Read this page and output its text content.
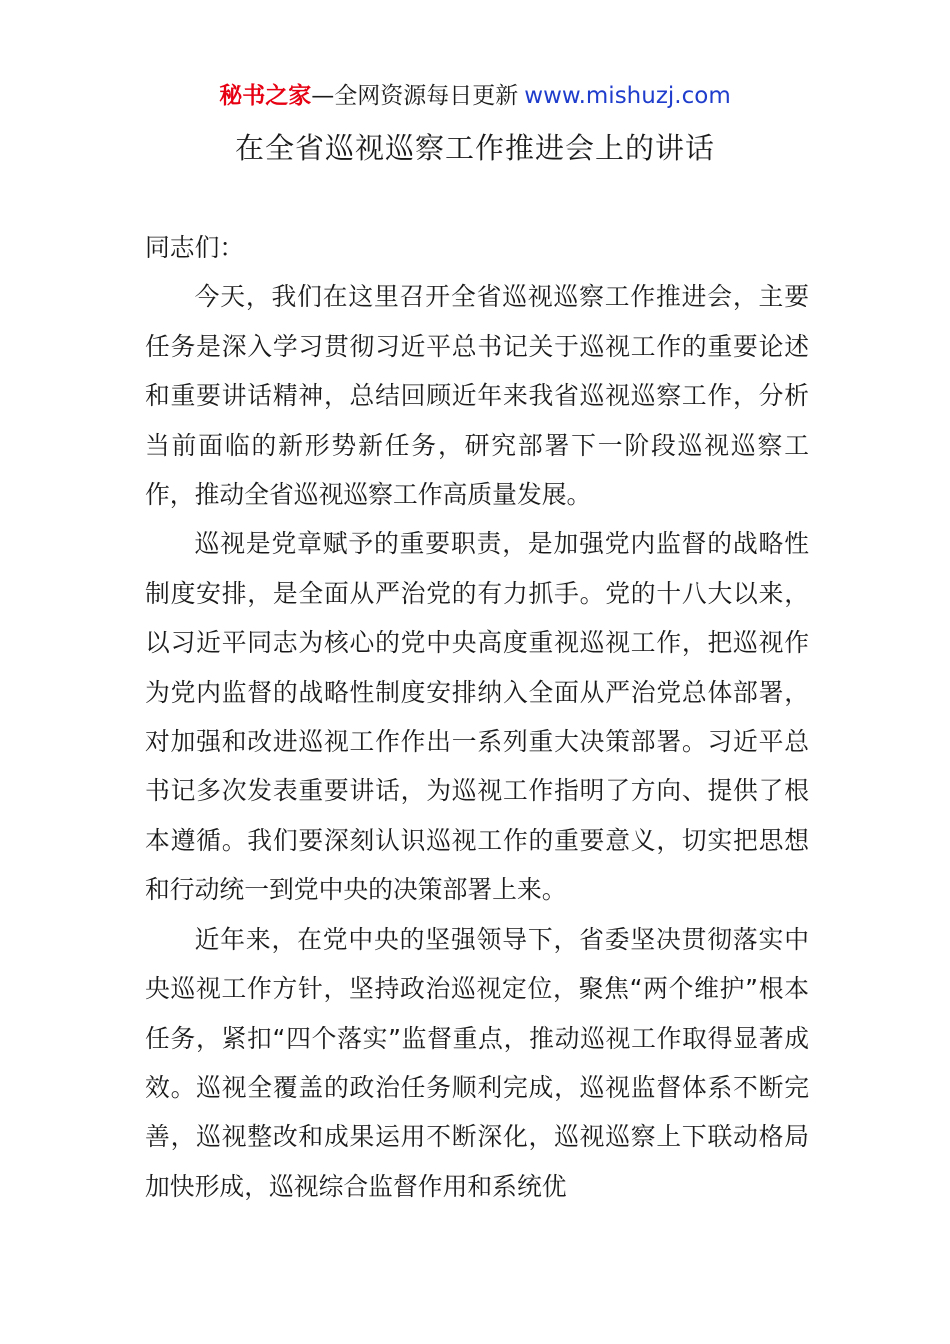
秘书之家—全网资源每日更新 www.mishuzj.com
在全省巡视巡察工作推进会上的讲话

同志们：

今天，我们在这里召开全省巡视巡察工作推进会，主要任务是深入学习贯彻习近平总书记关于巡视工作的重要论述和重要讲话精神，总结回顾近年来我省巡视巡察工作，分析当前面临的新形势新任务，研究部署下一阶段巡视巡察工作，推动全省巡视巡察工作高质量发展。

巡视是党章赋予的重要职责，是加强党内监督的战略性制度安排，是全面从严治党的有力抓手。党的十八大以来，以习近平同志为核心的党中央高度重视巡视工作，把巡视作为党内监督的战略性制度安排纳入全面从严治党总体部署，对加强和改进巡视工作作出一系列重大决策部署。习近平总书记多次发表重要讲话，为巡视工作指明了方向、提供了根本遵循。我们要深刻认识巡视工作的重要意义，切实把思想和行动统一到党中央的决策部署上来。

近年来，在党中央的坚强领导下，省委坚决贯彻落实中央巡视工作方针，坚持政治巡视定位，聚焦“两个维护”根本任务，紧扣“四个落实”监督重点，推动巡视工作取得显著成效。巡视全覆盖的政治任务顺利完成，巡视监督体系不断完善，巡视整改和成果运用不断深化，巡视巡察上下联动格局加快形成，巡视综合监督作用和系统优
